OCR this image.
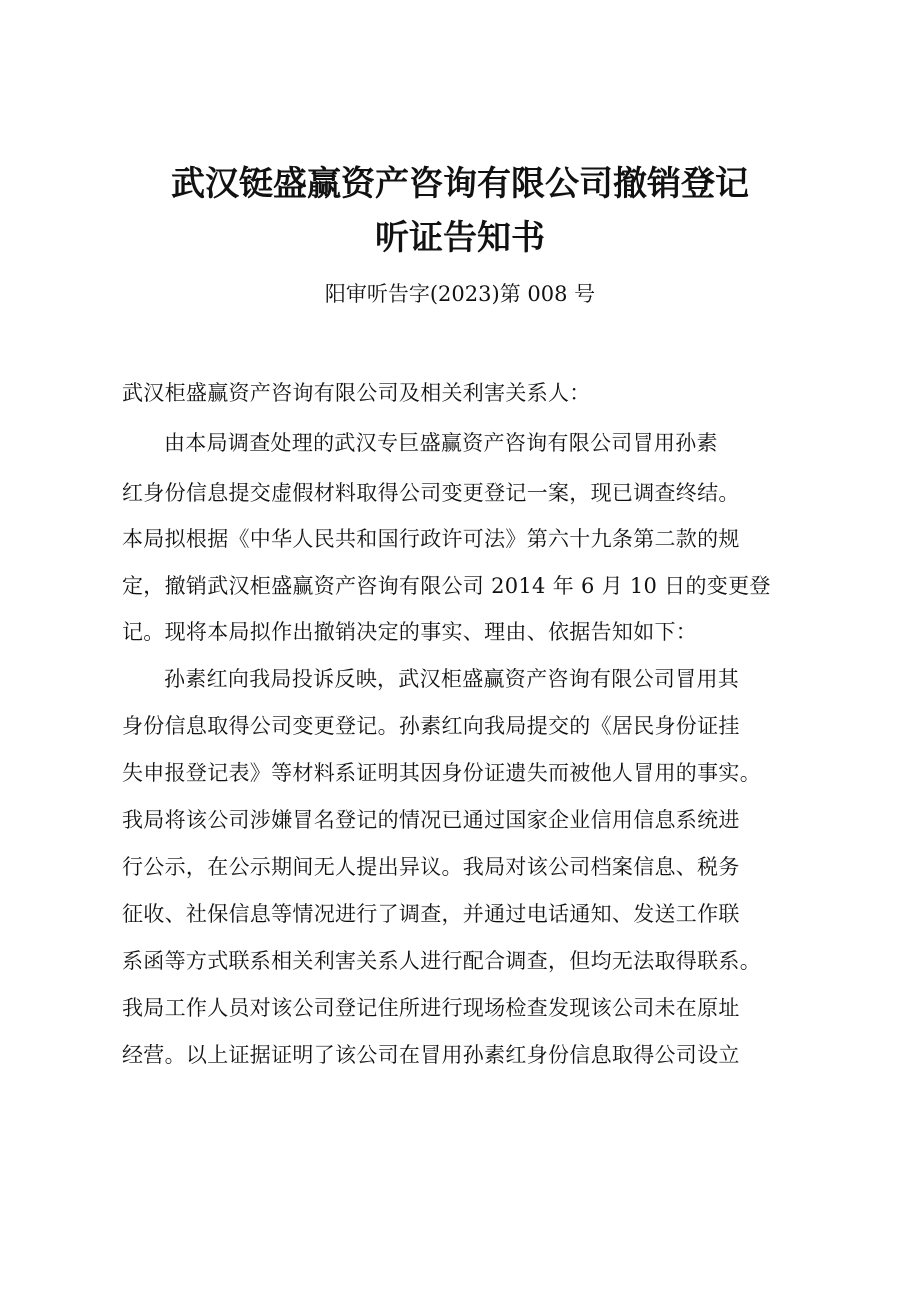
武汉铤盛赢资产咨询有限公司撤销登记
听证告知书
阳审听告字(2023)第 008 号
武汉柜盛赢资产咨询有限公司及相关利害关系人：
由本局调查处理的武汉专巨盛赢资产咨询有限公司冒用孙素
红身份信息提交虚假材料取得公司变更登记一案，现已调查终结。
本局拟根据《中华人民共和国行政许可法》第六十九条第二款的规
定，撤销武汉柜盛赢资产咨询有限公司 2014 年 6 月 10 日的变更登
记。现将本局拟作出撤销决定的事实、理由、依据告知如下：
孙素红向我局投诉反映，武汉柜盛赢资产咨询有限公司冒用其
身份信息取得公司变更登记。孙素红向我局提交的《居民身份证挂
失申报登记表》等材料系证明其因身份证遗失而被他人冒用的事实。
我局将该公司涉嫌冒名登记的情况已通过国家企业信用信息系统进
行公示，在公示期间无人提出异议。我局对该公司档案信息、税务
征收、社保信息等情况进行了调查，并通过电话通知、发送工作联
系函等方式联系相关利害关系人进行配合调查，但均无法取得联系。
我局工作人员对该公司登记住所进行现场检查发现该公司未在原址
经营。以上证据证明了该公司在冒用孙素红身份信息取得公司设立
